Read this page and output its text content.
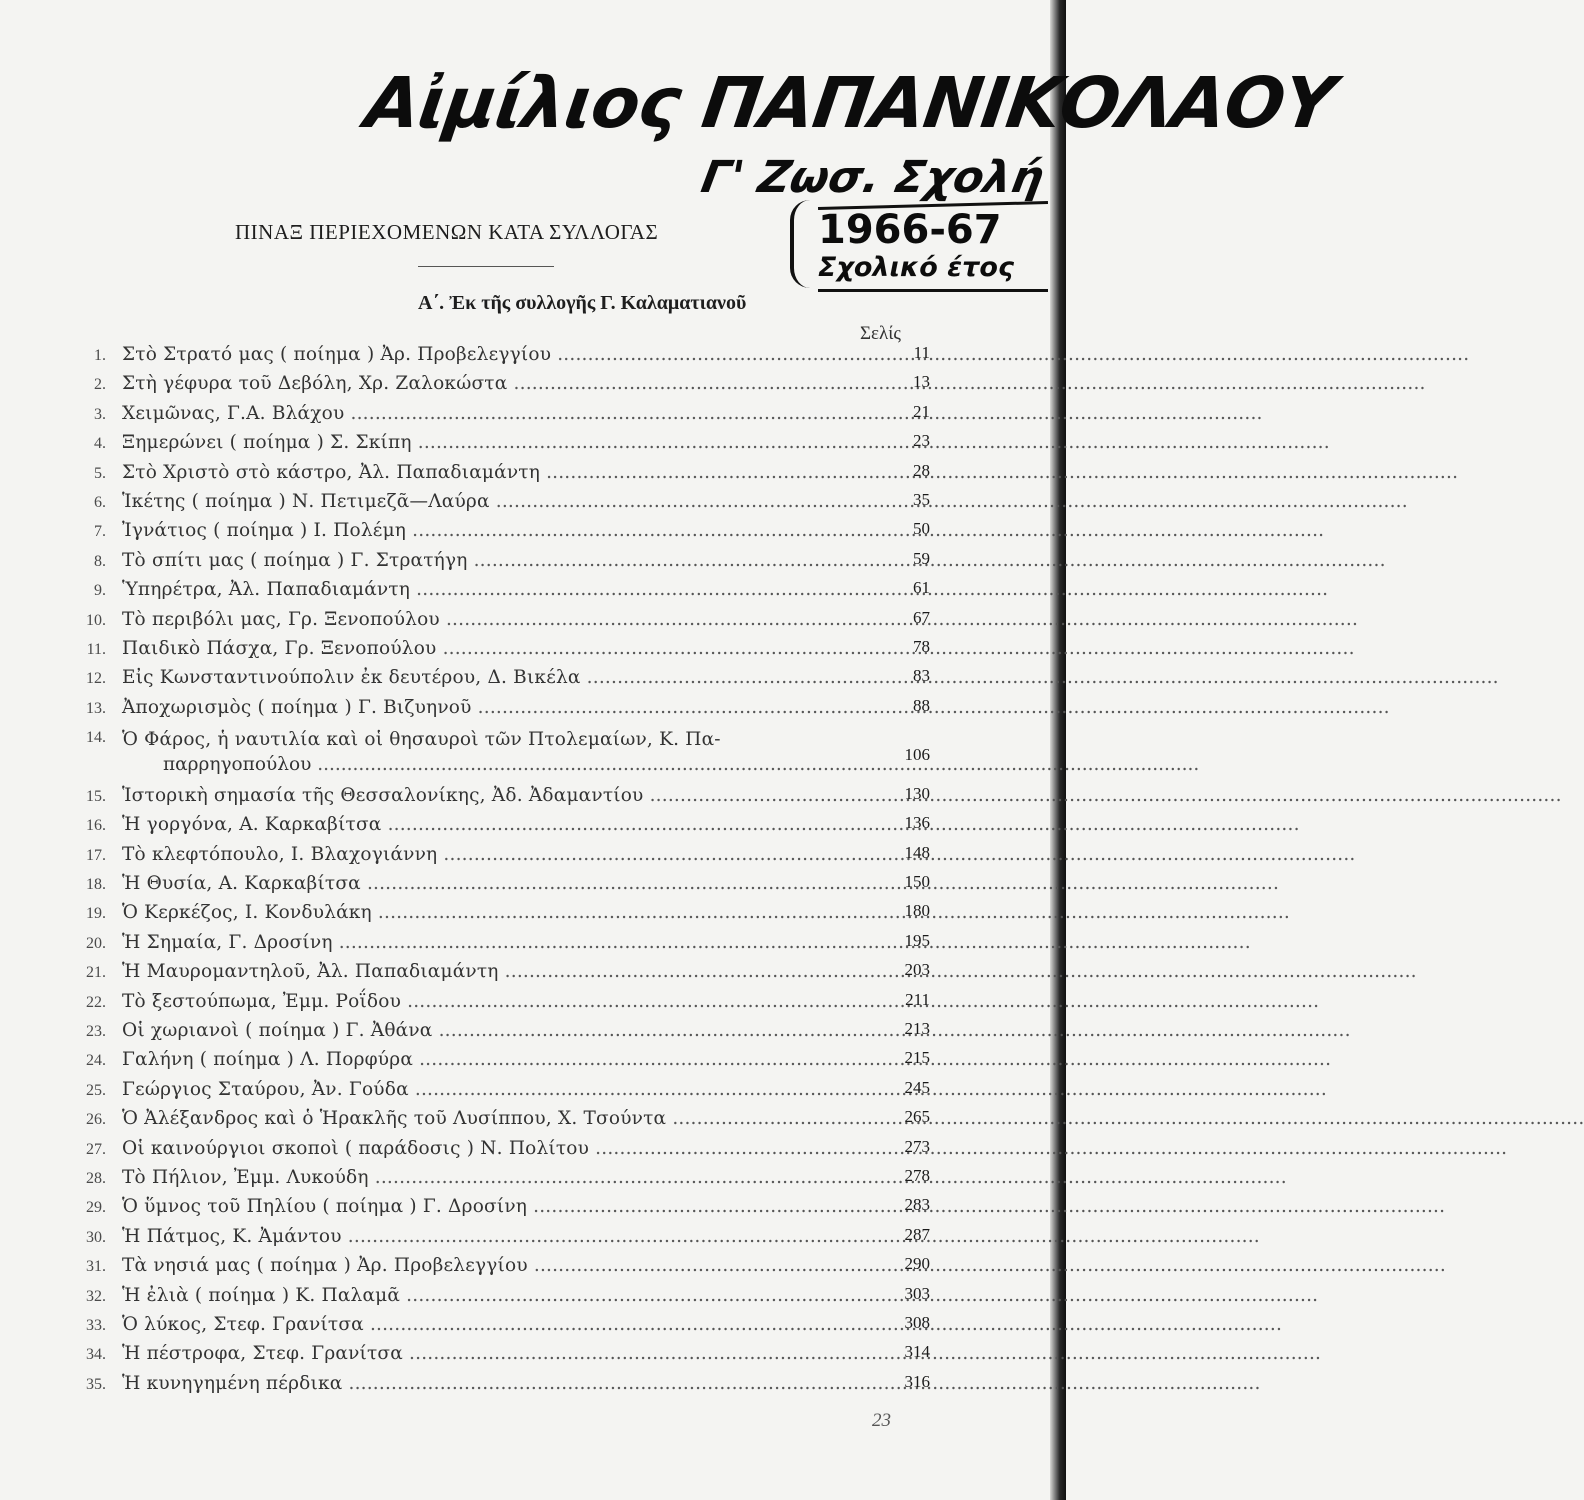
Αἰμίλιος ΠΑΠΑΝΙΚΟΛΑΟΥ
Γ' Ζωσ. Σχολή
1966-67
Σχολικό έτος
ΠΙΝΑΞ ΠΕΡΙΕΧΟΜΕΝΩΝ ΚΑΤΑ ΣΥΛΛΟΓΑΣ
Α΄. Ἐκ τῆς συλλογῆς Γ. Καλαματιανοῦ
Σελίς
1. Στὸ Στρατό μας ( ποίημα ) Ἀρ. Προβελεγγίου .....	11
2. Στὴ γέφυρα τοῦ Δεβόλη, Χρ. Ζαλοκώστα .....	13
3. Χειμῶνας, Γ.Α. Βλάχου .....	21
4. Ξημερώνει ( ποίημα ) Σ. Σκίπη .....	23
5. Στὸ Χριστὸ στὸ κάστρο, Ἀλ. Παπαδιαμάντη .....	28
6. Ἱκέτης ( ποίημα ) Ν. Πετιμεζᾶ—Λαύρα .....	35
7. Ἰγνάτιος ( ποίημα ) Ι. Πολέμη .....	50
8. Τὸ σπίτι μας ( ποίημα ) Γ. Στρατήγη .....	59
9. Ὑπηρέτρα, Ἀλ. Παπαδιαμάντη .....	61
10. Τὸ περιβόλι μας, Γρ. Ξενοπούλου .....	67
11. Παιδικὸ Πάσχα, Γρ. Ξενοπούλου .....	78
12. Εἰς Κωνσταντινούπολιν ἐκ δευτέρου, Δ. Βικέλα .....	83
13. Ἀποχωρισμὸς ( ποίημα ) Γ. Βιζυηνοῦ .....	88
14. Ὁ Φάρος, ἡ ναυτιλία καὶ οἱ θησαυροὶ τῶν Πτολεμαίων, Κ. Πα-
παρρηγοπούλου .....	106
15. Ἱστορικὴ σημασία τῆς Θεσσαλονίκης, Ἀδ. Ἀδαμαντίου .....	130
16. Ἡ γοργόνα, Α. Καρκαβίτσα .....	136
17. Τὸ κλεφτόπουλο, Ι. Βλαχογιάννη .....	148
18. Ἡ Θυσία, Α. Καρκαβίτσα .....	150
19. Ὁ Κερκέζος, Ι. Κονδυλάκη .....	180
20. Ἡ Σημαία, Γ. Δροσίνη .....	195
21. Ἡ Μαυρομαντηλοῦ, Ἀλ. Παπαδιαμάντη .....	203
22. Τὸ ξεστούπωμα, Ἐμμ. Ροΐδου .....	211
23. Οἱ χωριανοὶ ( ποίημα ) Γ. Ἀθάνα .....	213
24. Γαλήνη ( ποίημα ) Λ. Πορφύρα .....	215
25. Γεώργιος Σταύρου, Ἀν. Γούδα .....	245
26. Ὁ Ἀλέξανδρος καὶ ὁ Ἡρακλῆς τοῦ Λυσίππου, Χ. Τσούντα .....	265
27. Οἱ καινούργιοι σκοποὶ ( παράδοσις ) Ν. Πολίτου .....	273
28. Τὸ Πήλιον, Ἐμμ. Λυκούδη .....	278
29. Ὁ ὕμνος τοῦ Πηλίου ( ποίημα ) Γ. Δροσίνη .....	283
30. Ἡ Πάτμος, Κ. Ἀμάντου .....	287
31. Τὰ νησιά μας ( ποίημα ) Ἀρ. Προβελεγγίου .....	290
32. Ἡ ἐλιὰ ( ποίημα ) Κ. Παλαμᾶ .....	303
33. Ὁ λύκος, Στεφ. Γρανίτσα .....	308
34. Ἡ πέστροφα, Στεφ. Γρανίτσα .....	314
35. Ἡ κυνηγημένη πέρδικα .....	316
23
